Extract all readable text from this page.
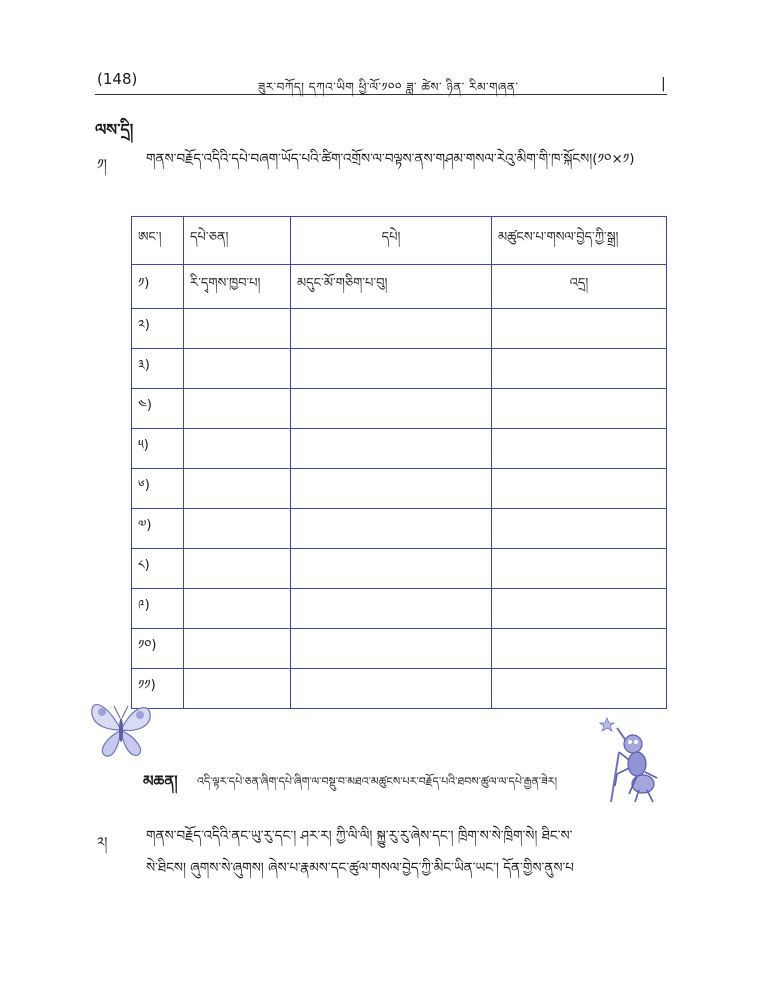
(148)	ཟུར་བཀོད། དཀའ་ཡིག ཕྱི་ལོ་༡༠༠ ཟླ་ ཚེས་ ཉིན་ རིམ་གཞན་	|
ལས་དྲི།
༡།	གནས་བརྗོད་འདིའི་དཔེ་བཞག་ཡོད་པའི་ཚིག་འགྲོས་ལ་བལྟས་ནས་གཤམ་གསལ་རེའུ་མིག་གི་ཁ་སྐོངས།(༡༠×༡)
ཨང་།	དཔེ་ཅན།	དཔེ།	མཚུངས་པ་གསལ་བྱེད་ཀྱི་སྒྲ།
༡)	རི་དྭགས་ཁྱབ་པ།	མདུང་མོ་གཅིག་པ་བུ།	འདྲ།
༢)			
༣)			
༤)			
༥)			
༦)			
༧)			
༨)			
༩)			
༡༠)			
༡༡)			
མཆན། འདི་ལྟར་དཔེ་ཅན་ཞིག་དཔེ་ཞིག་ལ་བསྡུ་བ་མཐའ་མཚུངས་པར་བརྗོད་པའི་ཐབས་ཚུལ་ལ་དཔེ་རྒྱན་ཟེར།
༢།	གནས་བརྗོད་འདིའི་ནང་ཡུ་རུ་དང་། ཤར་ར། ཀྱི་ལི་ལི། སྐྱུ་རུ་རུ་ཞེས་དང་། ཁྲིག་ས་སེ་ཁྲིག་སེ། ཐིང་ས་
སེ་ཐིངས། ཞུགས་སེ་ཞུགས། ཞེས་པ་རྣམས་དང་ཚུལ་གསལ་བྱེད་ཀྱི་མིང་ཡིན་ཡང་། དོན་གྱིས་ནུས་པ
